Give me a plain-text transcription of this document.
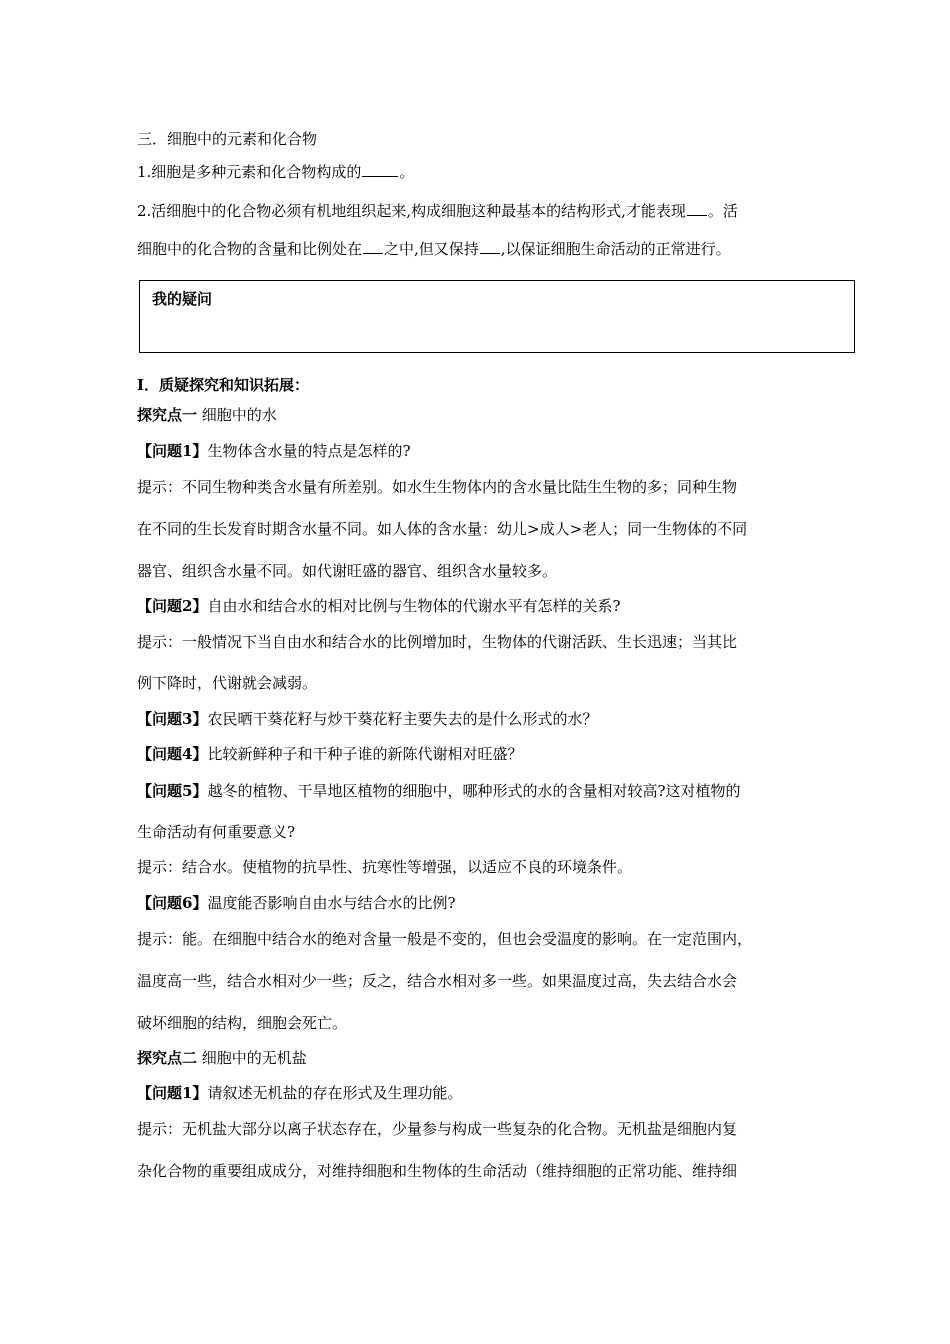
三．细胞中的元素和化合物
1.细胞是多种元素和化合物构成的	。
2.活细胞中的化合物必须有机地组织起来,构成细胞这种最基本的结构形式,才能表现 。活
细胞中的化合物的含量和比例处在 之中,但又保持 ,以保证细胞生命活动的正常进行。
我的疑问
Ⅰ．质疑探究和知识拓展：
探究点一 细胞中的水
【问题1】生物体含水量的特点是怎样的?
提示：不同生物种类含水量有所差别。如水生生物体内的含水量比陆生生物的多；同种生物
在不同的生长发育时期含水量不同。如人体的含水量：幼儿>成人>老人；同一生物体的不同
器官、组织含水量不同。如代谢旺盛的器官、组织含水量较多。
【问题2】自由水和结合水的相对比例与生物体的代谢水平有怎样的关系?
提示：一般情况下当自由水和结合水的比例增加时，生物体的代谢活跃、生长迅速；当其比
例下降时，代谢就会减弱。
【问题3】农民晒干葵花籽与炒干葵花籽主要失去的是什么形式的水？
【问题4】比较新鲜种子和干种子谁的新陈代谢相对旺盛？
【问题5】越冬的植物、干旱地区植物的细胞中，哪种形式的水的含量相对较高?这对植物的
生命活动有何重要意义?
提示：结合水。使植物的抗旱性、抗寒性等增强，以适应不良的环境条件。
【问题6】温度能否影响自由水与结合水的比例?
提示：能。在细胞中结合水的绝对含量一般是不变的，但也会受温度的影响。在一定范围内，
温度高一些，结合水相对少一些；反之，结合水相对多一些。如果温度过高，失去结合水会
破坏细胞的结构，细胞会死亡。
探究点二 细胞中的无机盐
【问题1】请叙述无机盐的存在形式及生理功能。
提示：无机盐大部分以离子状态存在，少量参与构成一些复杂的化合物。无机盐是细胞内复
杂化合物的重要组成成分，对维持细胞和生物体的生命活动（维持细胞的正常功能、维持细
